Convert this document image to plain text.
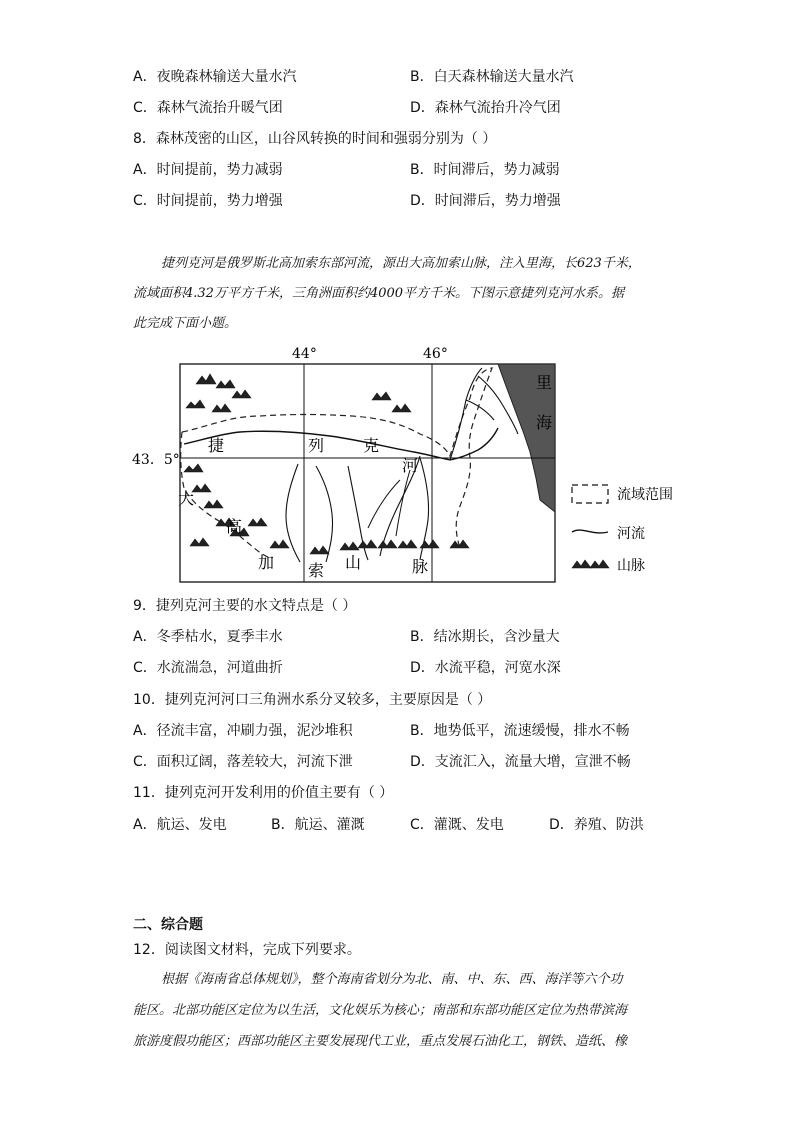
A．夜晚森林输送大量水汽	B．白天森林输送大量水汽
C．森林气流抬升暖气团	D．森林气流抬升冷气团
8．森林茂密的山区，山谷风转换的时间和强弱分别为（ ）
A．时间提前，势力减弱	B．时间滞后，势力减弱
C．时间提前，势力增强	D．时间滞后，势力增强
捷列克河是俄罗斯北高加索东部河流，源出大高加索山脉，注入里海，长623千米，
流域面积4.32万平方千米，三角洲面积约4000平方千米。下图示意捷列克河水系。据
此完成下面小题。
44°	46°
43．5°
里
海
捷	列 克
河
大
高
加 索 山	脉
流域范围
河流
山脉
9．捷列克河主要的水文特点是（ ）
A．冬季枯水，夏季丰水	B．结冰期长，含沙量大
C．水流湍急，河道曲折	D．水流平稳，河宽水深
10．捷列克河河口三角洲水系分叉较多，主要原因是（ ）
A．径流丰富，冲刷力强，泥沙堆积	B．地势低平，流速缓慢，排水不畅
C．面积辽阔，落差较大，河流下泄	D．支流汇入，流量大增，宣泄不畅
11．捷列克河开发利用的价值主要有（ ）
A．航运、发电	B．航运、灌溉	C．灌溉、发电	D．养殖、防洪
二、综合题
12．阅读图文材料，完成下列要求。
根据《海南省总体规划》，整个海南省划分为北、南、中、东、西、海洋等六个功
能区。北部功能区定位为以生活，文化娱乐为核心；南部和东部功能区定位为热带滨海
旅游度假功能区；西部功能区主要发展现代工业，重点发展石油化工，钢铁、造纸、橡
